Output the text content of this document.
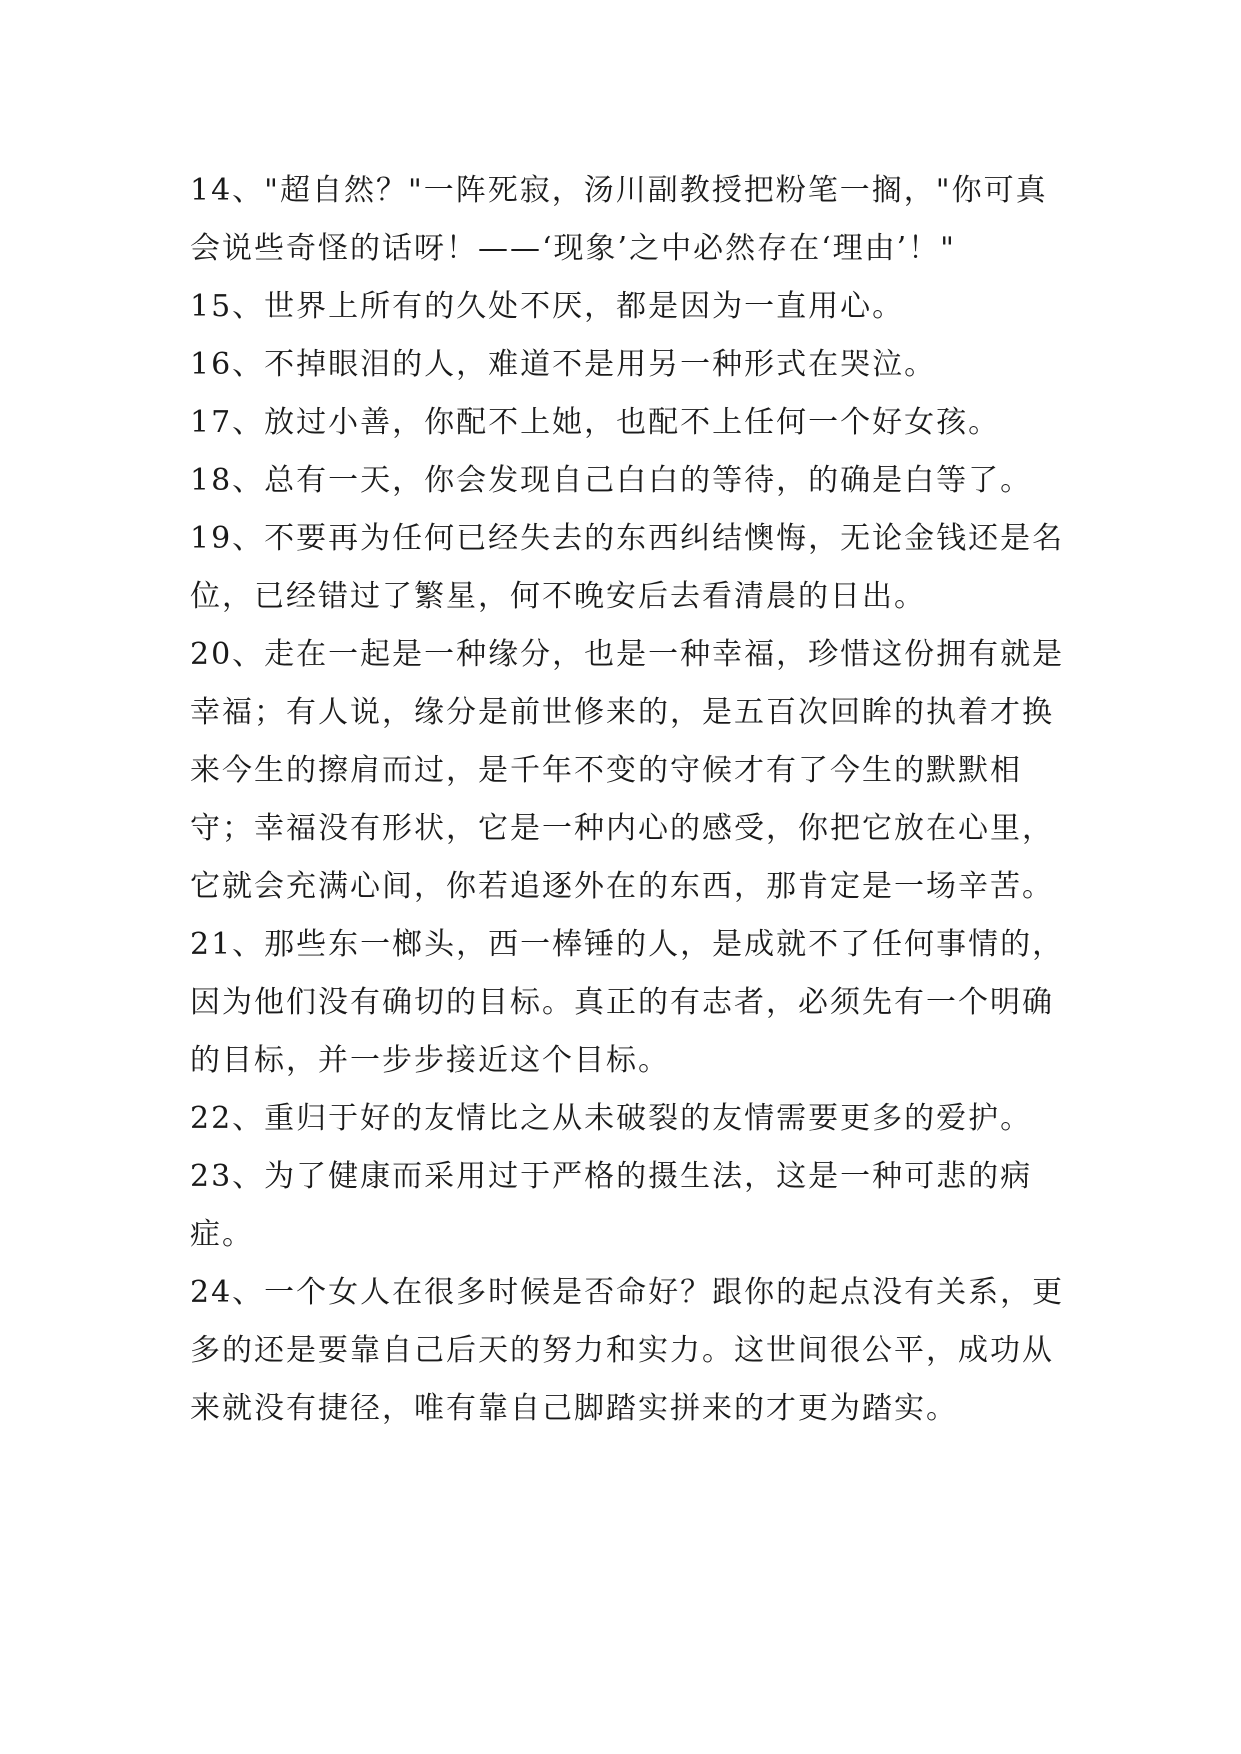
14、"超自然？"一阵死寂，汤川副教授把粉笔一搁，"你可真会说些奇怪的话呀！——‘现象’之中必然存在‘理由’！"

15、世界上所有的久处不厌，都是因为一直用心。

16、不掉眼泪的人，难道不是用另一种形式在哭泣。

17、放过小善，你配不上她，也配不上任何一个好女孩。

18、总有一天，你会发现自己白白的等待，的确是白等了。

19、不要再为任何已经失去的东西纠结懊悔，无论金钱还是名位，已经错过了繁星，何不晚安后去看清晨的日出。

20、走在一起是一种缘分，也是一种幸福，珍惜这份拥有就是幸福；有人说，缘分是前世修来的，是五百次回眸的执着才换来今生的擦肩而过，是千年不变的守候才有了今生的默默相守；幸福没有形状，它是一种内心的感受，你把它放在心里，它就会充满心间，你若追逐外在的东西，那肯定是一场辛苦。

21、那些东一榔头，西一棒锤的人，是成就不了任何事情的，因为他们没有确切的目标。真正的有志者，必须先有一个明确的目标，并一步步接近这个目标。

22、重归于好的友情比之从未破裂的友情需要更多的爱护。

23、为了健康而采用过于严格的摄生法，这是一种可悲的病症。

24、一个女人在很多时候是否命好？跟你的起点没有关系，更多的还是要靠自己后天的努力和实力。这世间很公平，成功从来就没有捷径，唯有靠自己脚踏实拼来的才更为踏实。
